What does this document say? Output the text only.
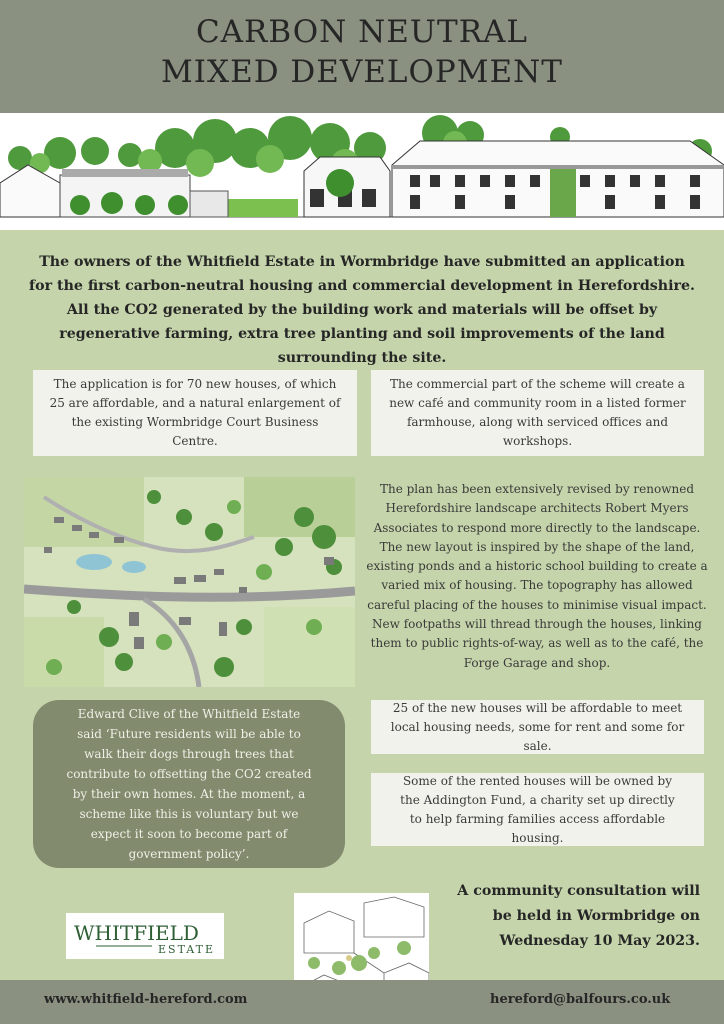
CARBON NEUTRAL
MIXED DEVELOPMENT

The owners of the Whitfield Estate in Wormbridge have submitted an application for the first carbon-neutral housing and commercial development in Herefordshire.
All the CO2 generated by the building work and materials will be offset by regenerative farming, extra tree planting and soil improvements of the land surrounding the site.

The application is for 70 new houses, of which 25 are affordable, and a natural enlargement of the existing Wormbridge Court Business Centre.
The commercial part of the scheme will create a new café and community room in a listed former farmhouse, along with serviced offices and workshops.

The plan has been extensively revised by renowned Herefordshire landscape architects Robert Myers Associates to respond more directly to the landscape. The new layout is inspired by the shape of the land, existing ponds and a historic school building to create a varied mix of housing. The topography has allowed careful placing of the houses to minimise visual impact. New footpaths will thread through the houses, linking them to public rights-of-way, as well as to the café, the Forge Garage and shop.

Edward Clive of the Whitfield Estate said ‘Future residents will be able to walk their dogs through trees that contribute to offsetting the CO2 created by their own homes. At the moment, a scheme like this is voluntary but we expect it soon to become part of government policy’.
25 of the new houses will be affordable to meet local housing needs, some for rent and some for sale.
Some of the rented houses will be owned by the Addington Fund, a charity set up directly to help farming families access affordable housing.

A community consultation will
be held in Wormbridge on
Wednesday 10 May 2023.

WHITFIELD
ESTATE
www.whitfield-hereford.com	hereford@balfours.co.uk
